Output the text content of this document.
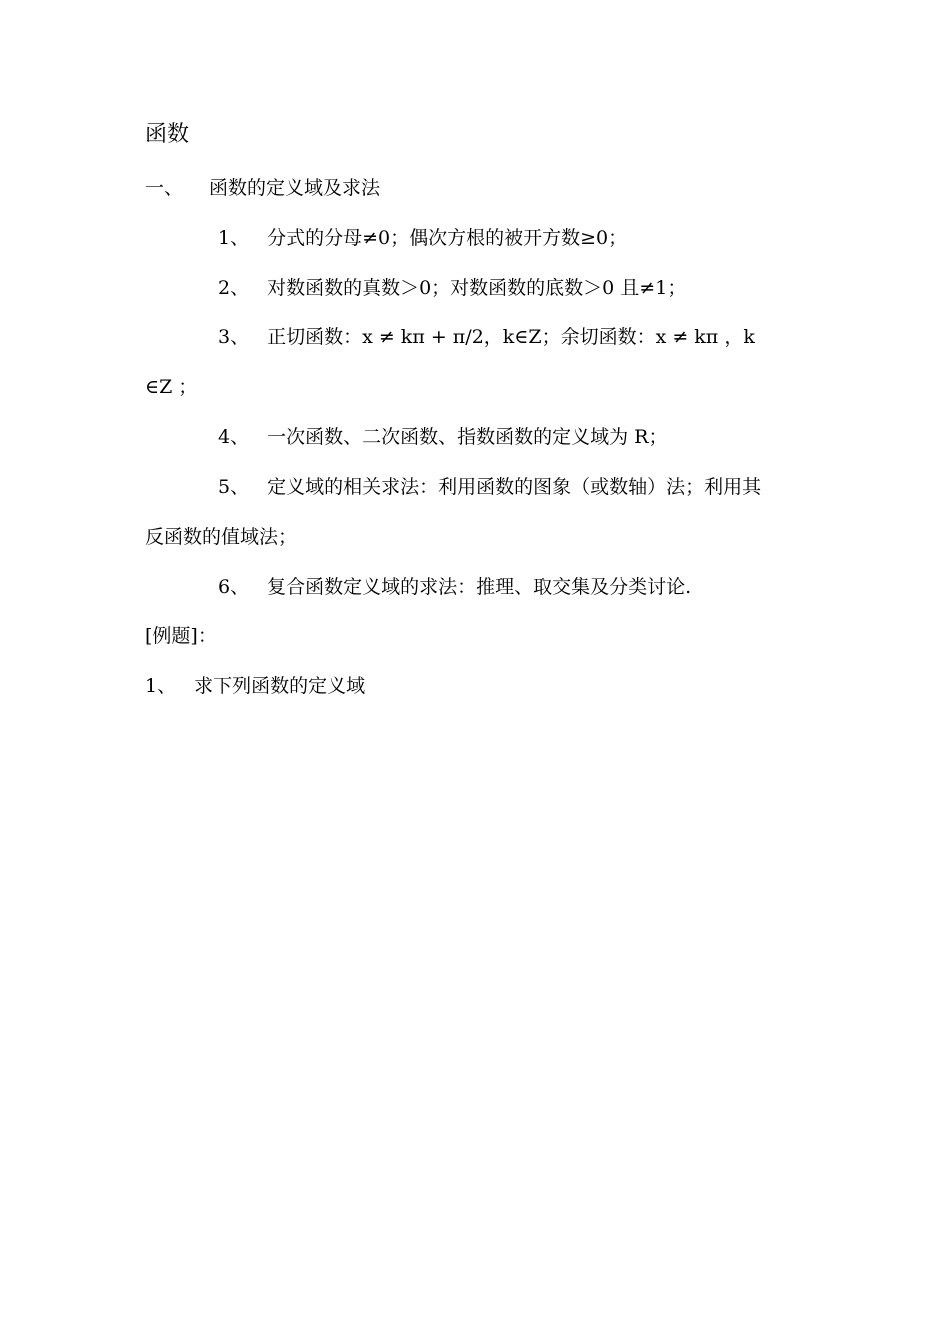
函数
一、 函数的定义域及求法
1、 分式的分母≠0；偶次方根的被开方数≥0；
2、 对数函数的真数＞0；对数函数的底数＞0 且≠1；
3、 正切函数：x ≠ kπ + π/2，k∈Z；余切函数：x ≠ kπ ，k
∈Z ；
4、 一次函数、二次函数、指数函数的定义域为 R；
5、 定义域的相关求法：利用函数的图象（或数轴）法；利用其
反函数的值域法；
6、 复合函数定义域的求法：推理、取交集及分类讨论.
[例题]：
1、 求下列函数的定义域
